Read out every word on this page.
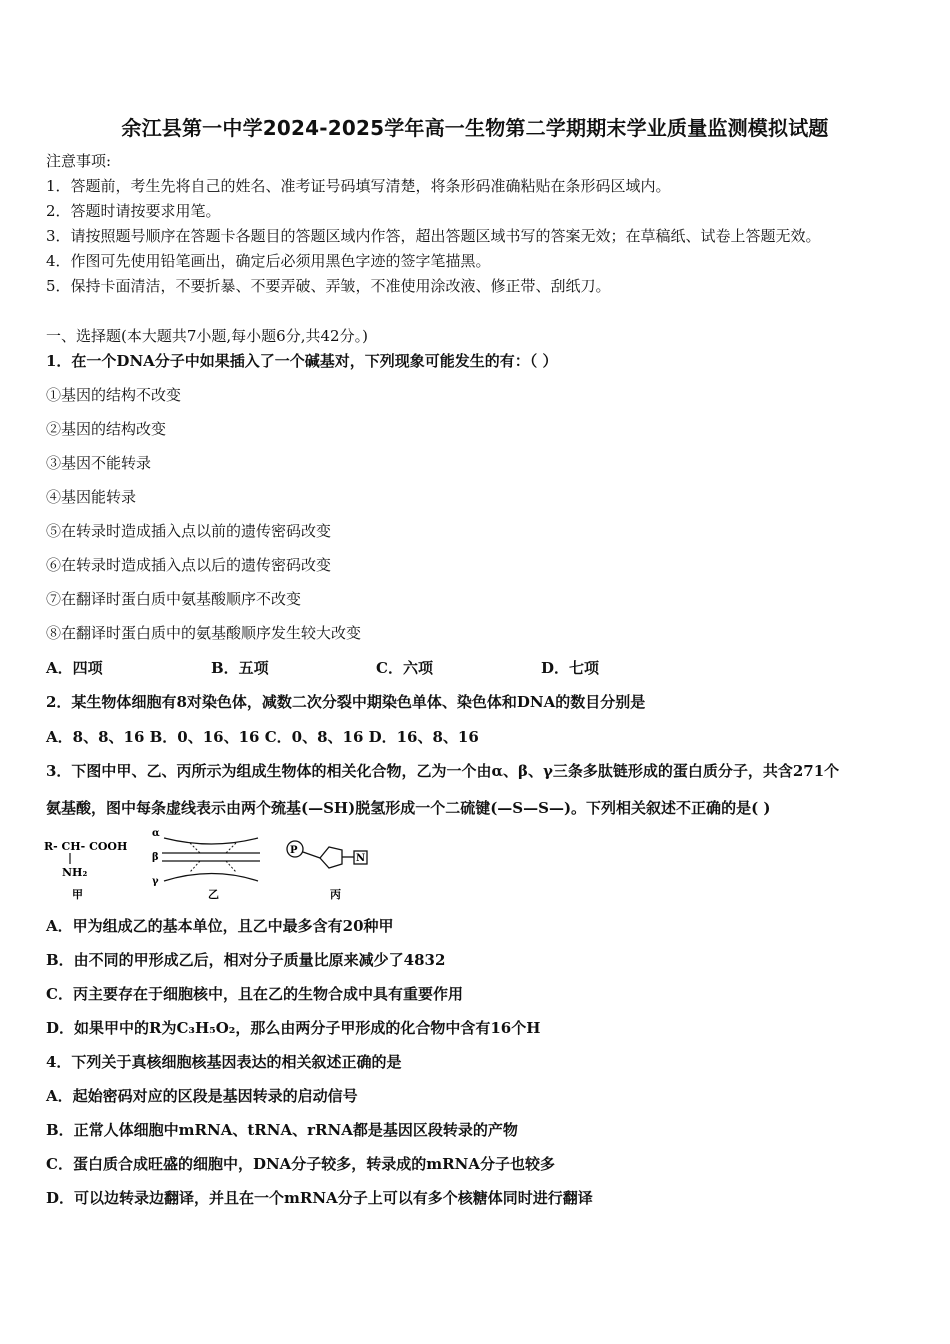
余江县第一中学2024-2025学年高一生物第二学期期末学业质量监测模拟试题
注意事项:
1．答题前，考生先将自己的姓名、准考证号码填写清楚，将条形码准确粘贴在条形码区域内。
2．答题时请按要求用笔。
3．请按照题号顺序在答题卡各题目的答题区域内作答，超出答题区域书写的答案无效；在草稿纸、试卷上答题无效。
4．作图可先使用铅笔画出，确定后必须用黑色字迹的签字笔描黑。
5．保持卡面清洁，不要折暴、不要弄破、弄皱，不准使用涂改液、修正带、刮纸刀。
一、选择题(本大题共7小题,每小题6分,共42分。)
1．在一个DNA分子中如果插入了一个碱基对，下列现象可能发生的有：（ ）
①基因的结构不改变
②基因的结构改变
③基因不能转录
④基因能转录
⑤在转录时造成插入点以前的遗传密码改变
⑥在转录时造成插入点以后的遗传密码改变
⑦在翻译时蛋白质中氨基酸顺序不改变
⑧在翻译时蛋白质中的氨基酸顺序发生较大改变
A．四项	B．五项	C．六项	D．七项
2．某生物体细胞有8对染色体，减数二次分裂中期染色单体、染色体和DNA的数目分别是
A．8、8、16 B．0、16、16 C．0、8、16 D．16、8、16
3．下图中甲、乙、丙所示为组成生物体的相关化合物，乙为一个由α、β、γ三条多肽链形成的蛋白质分子，共含271个
氨基酸，图中每条虚线表示由两个巯基(—SH)脱氢形成一个二硫键(—S—S—)。下列相关叙述不正确的是( )
R- CH- COOH
NH₂
甲
α
β
γ
乙
P
N
丙
A．甲为组成乙的基本单位，且乙中最多含有20种甲
B．由不同的甲形成乙后，相对分子质量比原来减少了4832
C．丙主要存在于细胞核中，且在乙的生物合成中具有重要作用
D．如果甲中的R为C₃H₅O₂，那么由两分子甲形成的化合物中含有16个H
4．下列关于真核细胞核基因表达的相关叙述正确的是
A．起始密码对应的区段是基因转录的启动信号
B．正常人体细胞中mRNA、tRNA、rRNA都是基因区段转录的产物
C．蛋白质合成旺盛的细胞中，DNA分子较多，转录成的mRNA分子也较多
D．可以边转录边翻译，并且在一个mRNA分子上可以有多个核糖体同时进行翻译
